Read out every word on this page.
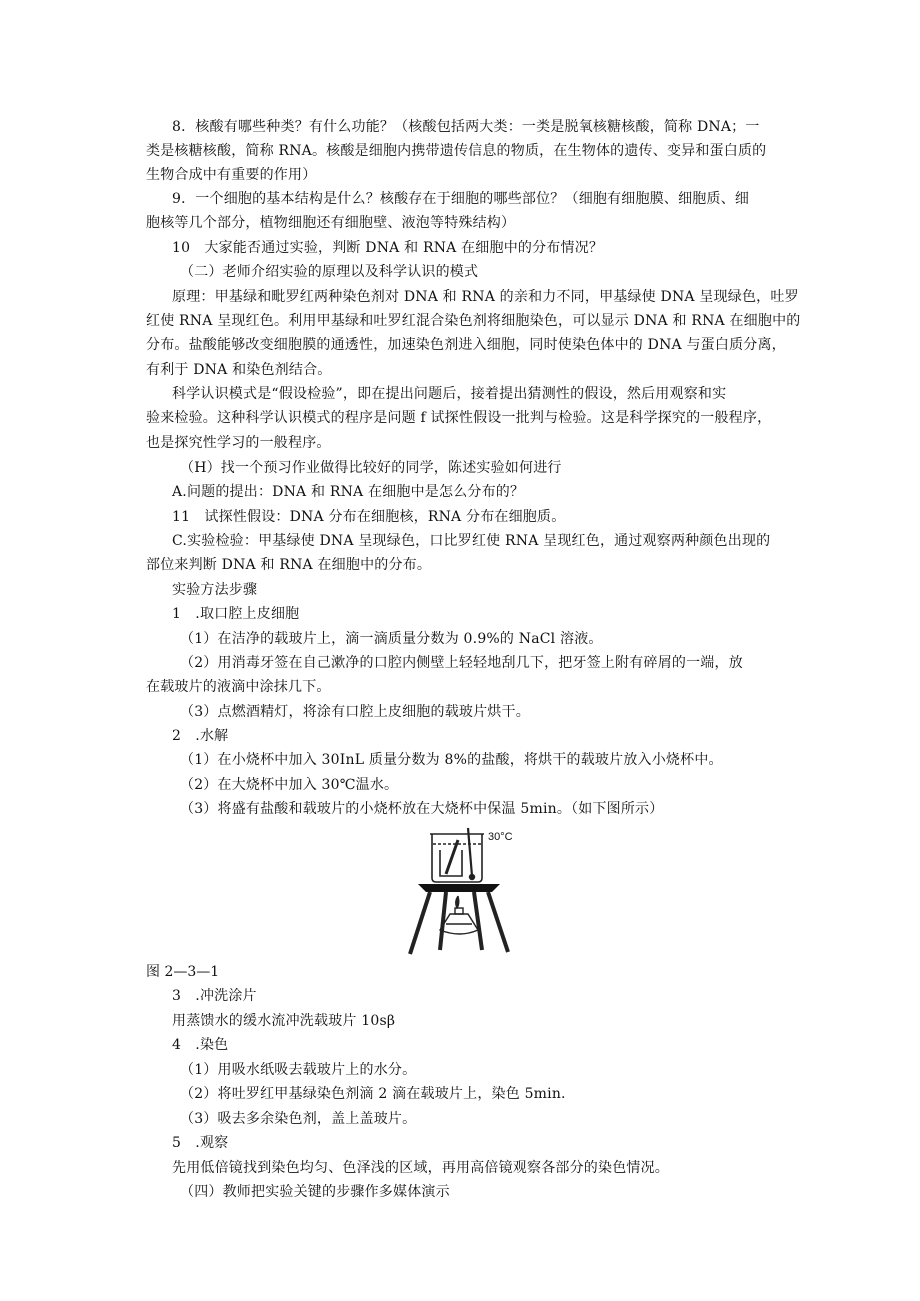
8．核酸有哪些种类？有什么功能？（核酸包括两大类：一类是脱氧核糖核酸，简称 DNA；一
类是核糖核酸，简称 RNA。核酸是细胞内携带遗传信息的物质，在生物体的遗传、变异和蛋白质的
生物合成中有重要的作用）
9．一个细胞的基本结构是什么？核酸存在于细胞的哪些部位？（细胞有细胞膜、细胞质、细
胞核等几个部分，植物细胞还有细胞壁、液泡等特殊结构）
10　大家能否通过实验，判断 DNA 和 RNA 在细胞中的分布情况？
（二）老师介绍实验的原理以及科学认识的模式
原理：甲基绿和毗罗红两种染色剂对 DNA 和 RNA 的亲和力不同，甲基绿使 DNA 呈现绿色，吐罗
红使 RNA 呈现红色。利用甲基绿和吐罗红混合染色剂将细胞染色，可以显示 DNA 和 RNA 在细胞中的
分布。盐酸能够改变细胞膜的通透性，加速染色剂进入细胞，同时使染色体中的 DNA 与蛋白质分离，
有利于 DNA 和染色剂结合。
科学认识模式是“假设检验”，即在提出问题后，接着提出猜测性的假设，然后用观察和实
验来检验。这种科学认识模式的程序是问题 f 试探性假设一批判与检验。这是科学探究的一般程序，
也是探究性学习的一般程序。
（H）找一个预习作业做得比较好的同学，陈述实验如何进行
A.问题的提出：DNA 和 RNA 在细胞中是怎么分布的？
11　试探性假设：DNA 分布在细胞核，RNA 分布在细胞质。
C.实验检验：甲基绿使 DNA 呈现绿色，口比罗红使 RNA 呈现红色，通过观察两种颜色出现的
部位来判断 DNA 和 RNA 在细胞中的分布。
实验方法步骤
1　.取口腔上皮细胞
（1）在洁净的载玻片上，滴一滴质量分数为 0.9%的 NaCl 溶液。
（2）用消毒牙签在自己漱净的口腔内侧壁上轻轻地刮几下，把牙签上附有碎屑的一端，放
在载玻片的液滴中涂抹几下。
（3）点燃酒精灯，将涂有口腔上皮细胞的载玻片烘干。
2　.水解
（1）在小烧杯中加入 30InL 质量分数为 8%的盐酸，将烘干的载玻片放入小烧杯中。
（2）在大烧杯中加入 30℃温水。
（3）将盛有盐酸和载玻片的小烧杯放在大烧杯中保温 5min。（如下图所示）
30°C
图 2—3—1
3　.冲洗涂片
用蒸馈水的缓水流冲洗载玻片 10sβ
4　.染色
（1）用吸水纸吸去载玻片上的水分。
（2）将吐罗红甲基绿染色剂滴 2 滴在载玻片上，染色 5min.
（3）吸去多余染色剂，盖上盖玻片。
5　.观察
先用低倍镜找到染色均匀、色泽浅的区域，再用高倍镜观察各部分的染色情况。
（四）教师把实验关键的步骤作多媒体演示
